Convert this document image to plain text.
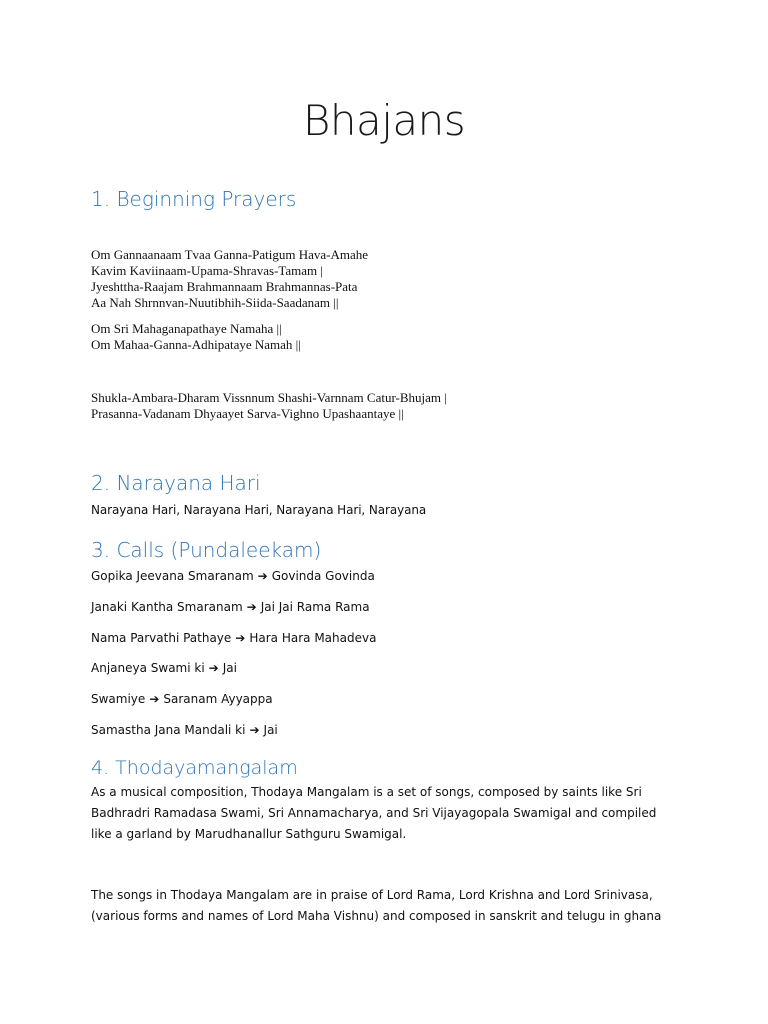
Bhajans
1. Beginning Prayers
Om Gannaanaam Tvaa Ganna-Patigum Hava-Amahe
Kavim Kaviinaam-Upama-Shravas-Tamam |
Jyeshttha-Raajam Brahmannaam Brahmannas-Pata
Aa Nah Shrnnvan-Nuutibhih-Siida-Saadanam ||
Om Sri Mahaganapathaye Namaha ||
Om Mahaa-Ganna-Adhipataye Namah ||
Shukla-Ambara-Dharam Vissnnum Shashi-Varnnam Catur-Bhujam |
Prasanna-Vadanam Dhyaayet Sarva-Vighno Upashaantaye ||
2. Narayana Hari

Narayana Hari, Narayana Hari, Narayana Hari, Narayana

3. Calls (Pundaleekam)
Gopika Jeevana Smaranam ➔ Govinda Govinda
Janaki Kantha Smaranam ➔ Jai Jai Rama Rama
Nama Parvathi Pathaye ➔ Hara Hara Mahadeva
Anjaneya Swami ki ➔ Jai
Swamiye ➔ Saranam Ayyappa
Samastha Jana Mandali ki ➔ Jai
4. Thodayamangalam
As a musical composition, Thodaya Mangalam is a set of songs, composed by saints like Sri
Badhradri Ramadasa Swami, Sri Annamacharya, and Sri Vijayagopala Swamigal and compiled
like a garland by Marudhanallur Sathguru Swamigal.
The songs in Thodaya Mangalam are in praise of Lord Rama, Lord Krishna and Lord Srinivasa,
(various forms and names of Lord Maha Vishnu) and composed in sanskrit and telugu in ghana
